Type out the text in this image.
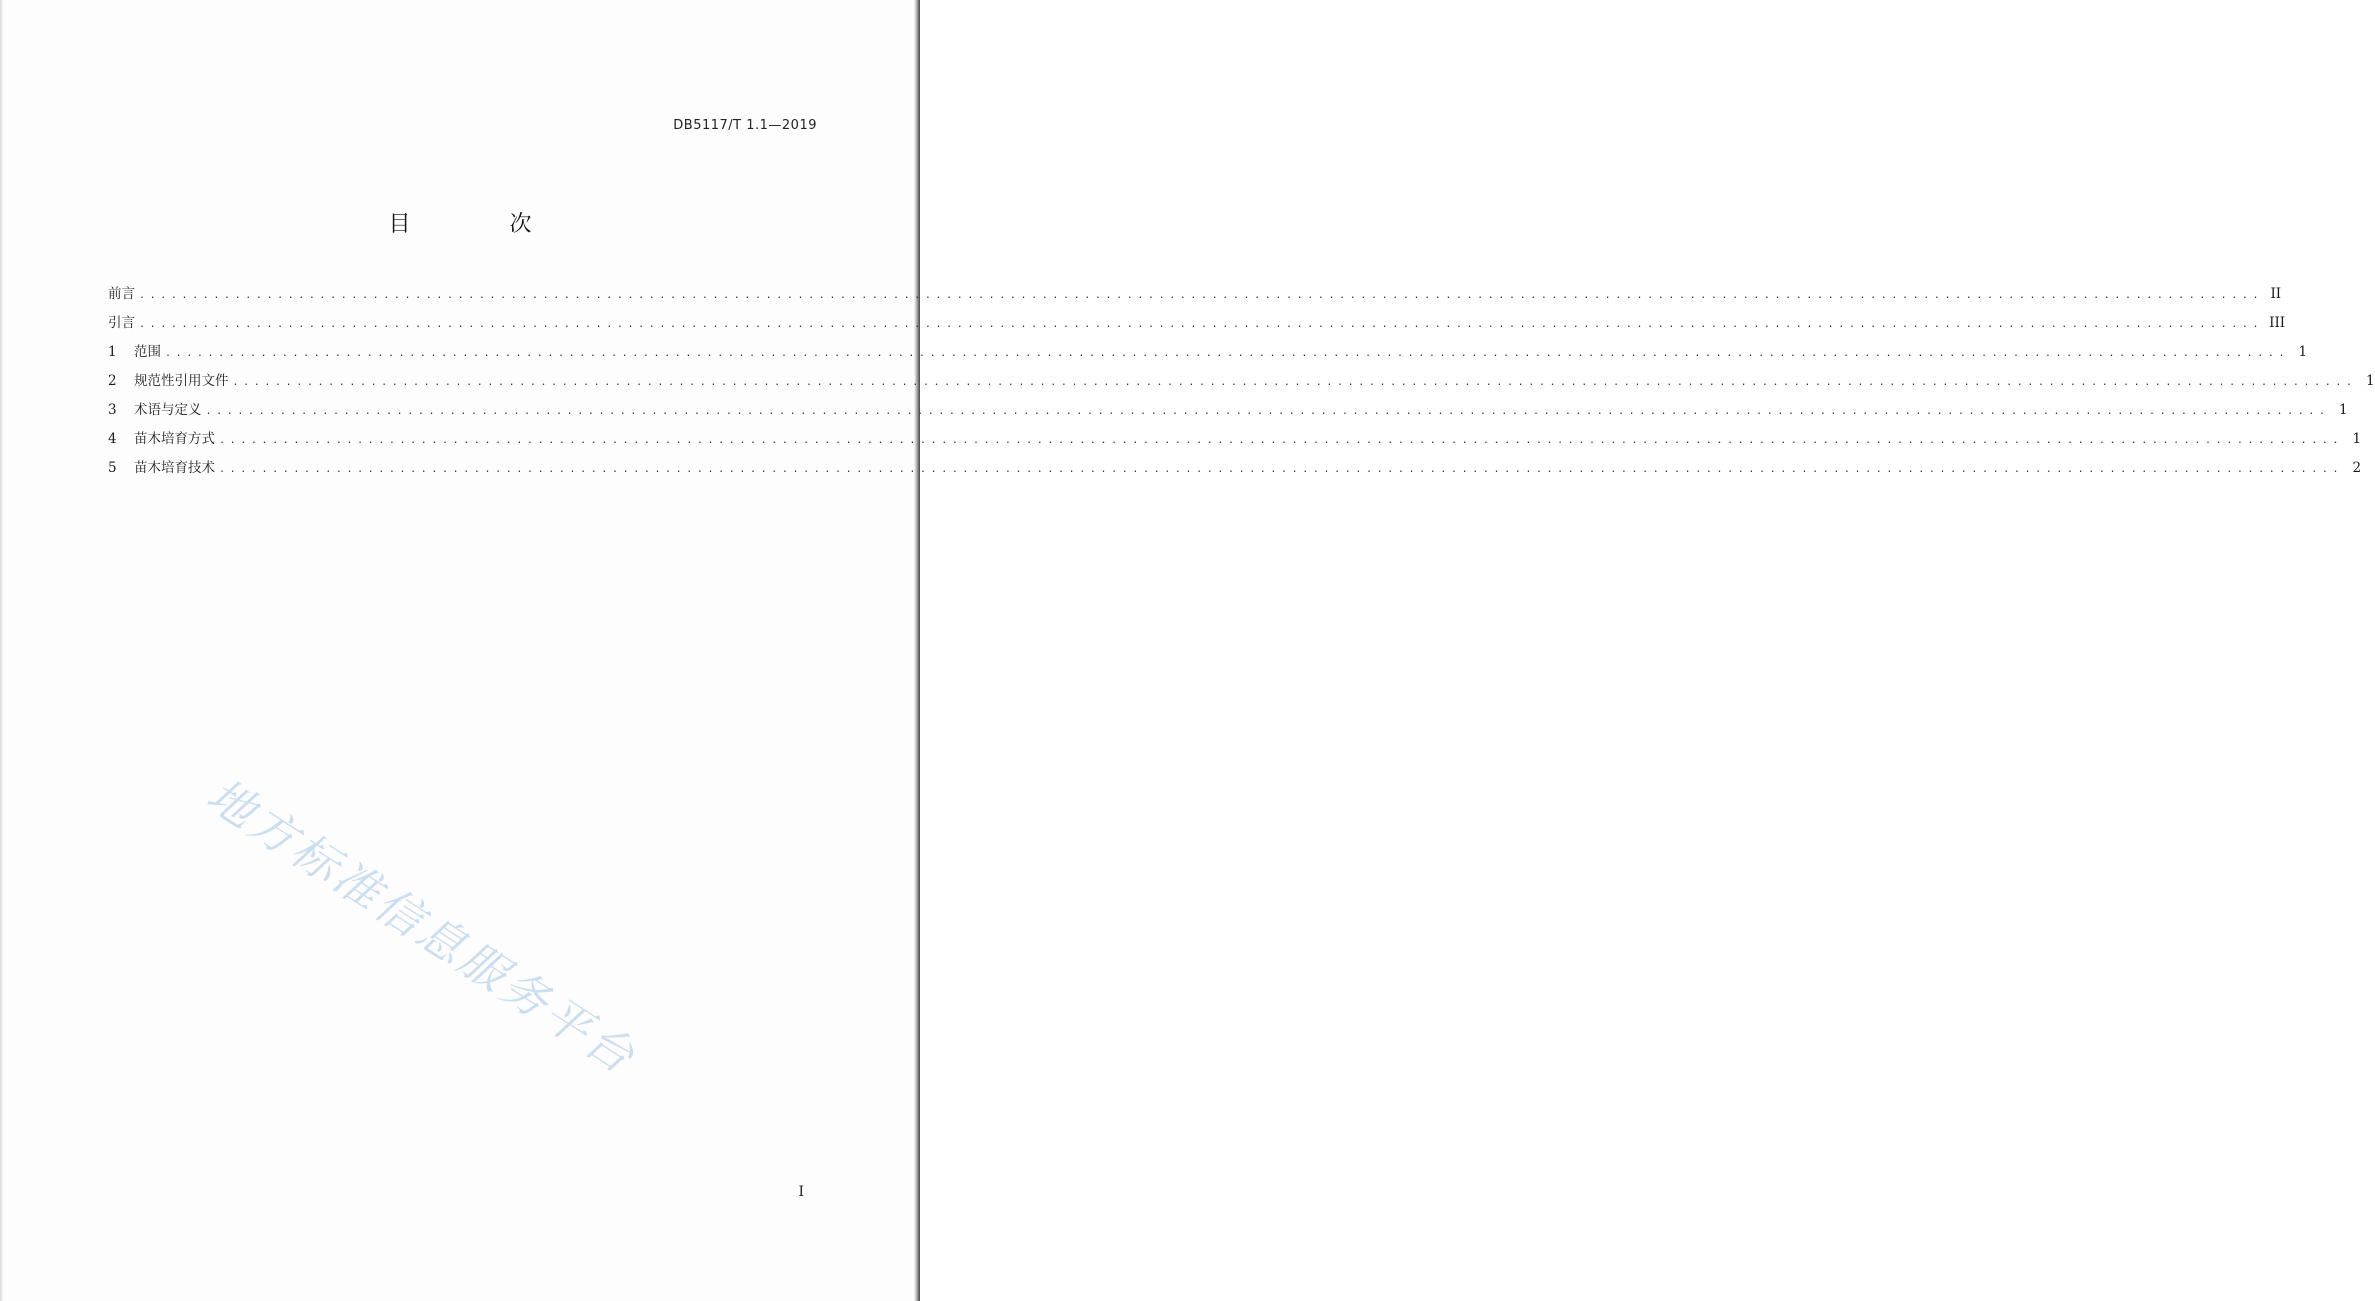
DB5117/T 1.1—2019
目 次
前言 ........................................................................................................................................................................................................ II
引言 ........................................................................................................................................................................................................ III
1	范围 ........................................................................................................................................................................................................ 1
2	规范性引用文件 ........................................................................................................................................................................................................ 1
3	术语与定义 ........................................................................................................................................................................................................ 1
4	苗木培育方式 ........................................................................................................................................................................................................ 1
5	苗木培育技术 ........................................................................................................................................................................................................ 2
地方标准信息服务平台
I
